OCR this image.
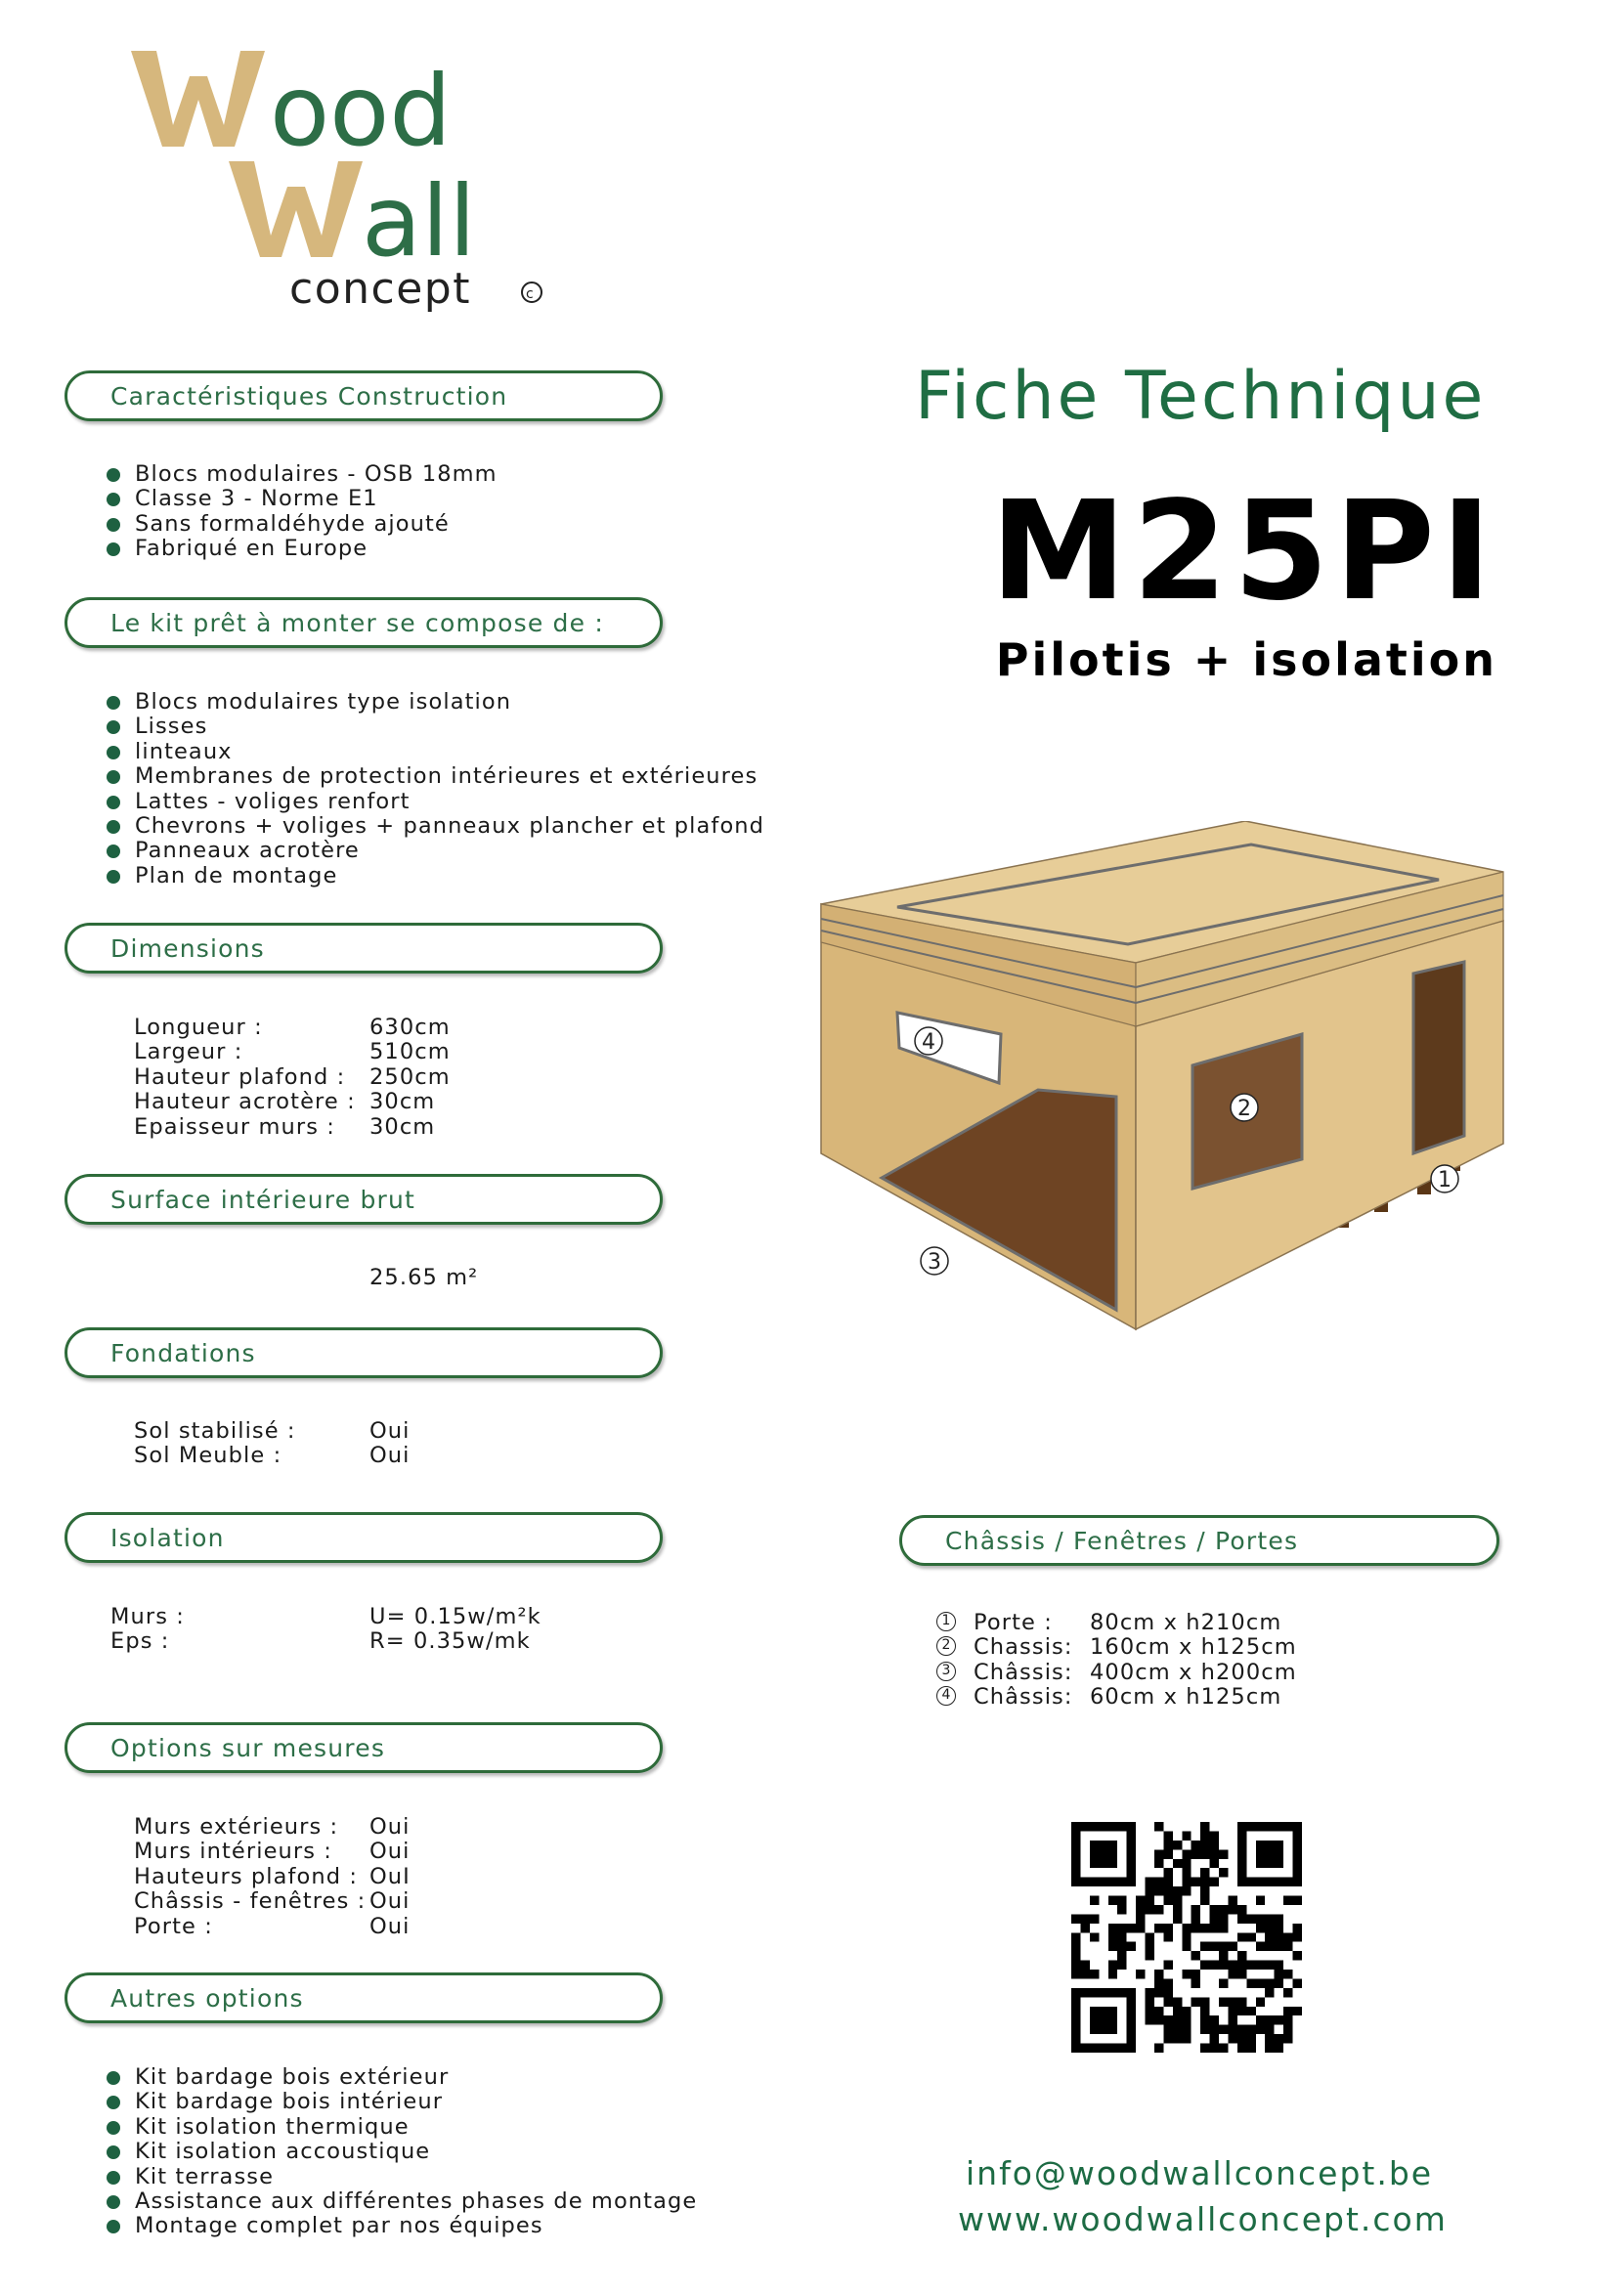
ood
all
concept	c
Caractéristiques Construction
Blocs modulaires - OSB 18mm
Classe 3 - Norme E1
Sans formaldéhyde ajouté
Fabriqué en Europe
Le kit prêt à monter se compose de :
Blocs modulaires type isolation
Lisses
linteaux
Membranes de protection intérieures et extérieures
Lattes - voliges renfort
Chevrons + voliges + panneaux plancher et plafond
Panneaux acrotère
Plan de montage
Dimensions
Longueur :	630cm
Largeur :	510cm
Hauteur plafond : 250cm
Hauteur acrotère : 30cm
Epaisseur murs : 30cm
Surface intérieure brut
25.65 m²
Fondations
Sol stabilisé :	Oui
Sol Meuble :	Oui
Isolation
Murs :	U= 0.15w/m²k
Eps :	R= 0.35w/mk
Options sur mesures
Murs extérieurs : Oui
Murs intérieurs : Oui
Hauteurs plafond : OuI
Châssis - fenêtres : Oui
Porte :	Oui
Autres options
Kit bardage bois extérieur
Kit bardage bois intérieur
Kit isolation thermique
Kit isolation accoustique
Kit terrasse
Assistance aux différentes phases de montage
Montage complet par nos équipes
Fiche Technique
M25PI
Pilotis + isolation
4
2
1
3
Châssis / Fenêtres / Portes
1 Porte : 80cm x h210cm
2 Chassis: 160cm x h125cm
3 Châssis: 400cm x h200cm
4 Châssis: 60cm x h125cm
info@woodwallconcept.be
www.woodwallconcept.com
